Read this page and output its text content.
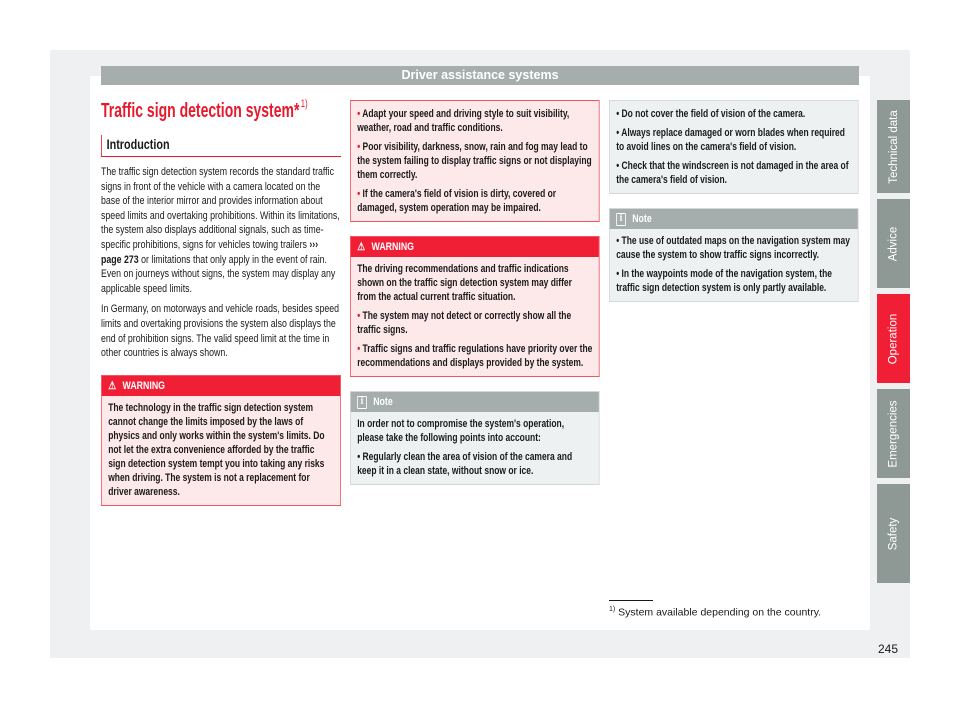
Driver assistance systems
Traffic sign detection system*$^{1)}$
Introduction

The traffic sign detection system records the standard traffic signs in front of the vehicle with a camera located on the base of the interior mirror and provides information about speed limits and overtaking prohibitions. Within its limitations, the system also displays additional signals, such as time-specific prohibitions, signs for vehicles towing trailers ››› page 273 or limitations that only apply in the event of rain. Even on journeys without signs, the system may display any applicable speed limits.

In Germany, on motorways and vehicle roads, besides speed limits and overtaking provisions the system also displays the end of prohibition signs. The valid speed limit at the time in other countries is always shown.

⚠ WARNING

The technology in the traffic sign detection system cannot change the limits imposed by the laws of physics and only works within the system's limits. Do not let the extra convenience afforded by the traffic sign detection system tempt you into taking any risks when driving. The system is not a replacement for driver awareness.

• Adapt your speed and driving style to suit visibility, weather, road and traffic conditions.

• Poor visibility, darkness, snow, rain and fog may lead to the system failing to display traffic signs or not displaying them correctly.

• If the camera's field of vision is dirty, covered or damaged, system operation may be impaired.

⚠ WARNING

The driving recommendations and traffic indications shown on the traffic sign detection system may differ from the actual current traffic situation.

• The system may not detect or correctly show all the traffic signs.

• Traffic signs and traffic regulations have priority over the recommendations and displays provided by the system.

i Note

In order not to compromise the system's operation, please take the following points into account:

• Regularly clean the area of vision of the camera and keep it in a clean state, without snow or ice.

• Do not cover the field of vision of the camera.

• Always replace damaged or worn blades when required to avoid lines on the camera's field of vision.

• Check that the windscreen is not damaged in the area of the camera's field of vision.

i Note

• The use of outdated maps on the navigation system may cause the system to show traffic signs incorrectly.

• In the waypoints mode of the navigation system, the traffic sign detection system is only partly available.

$^{1)}$ System available depending on the country.
Technical data
Advice
Operation
Emergencies
Safety
245
